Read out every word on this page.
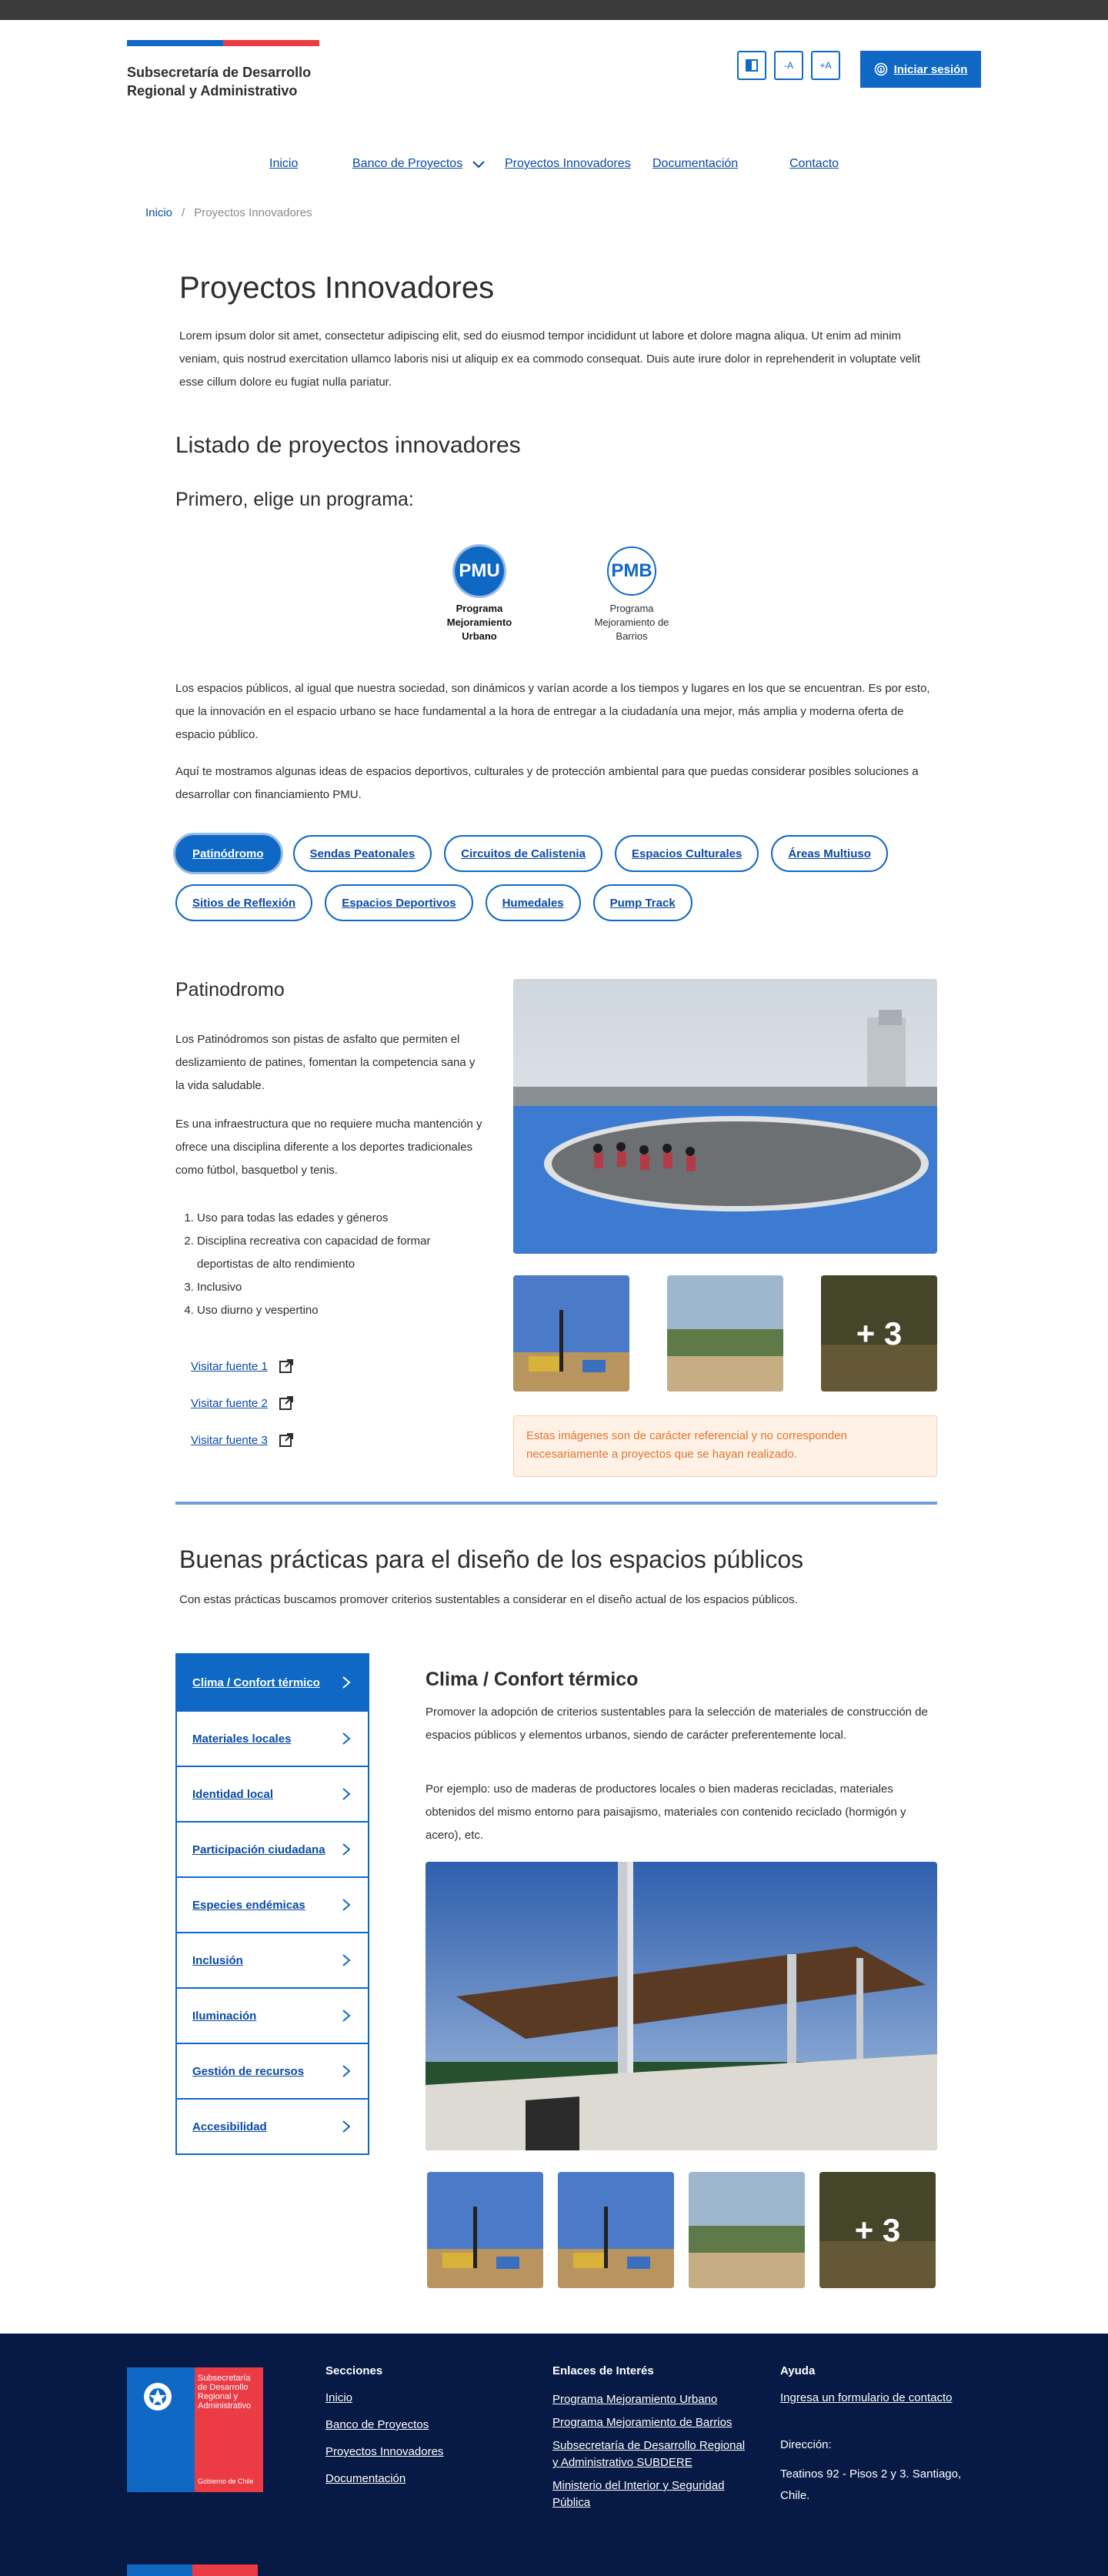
Subsecretaría de Desarrollo Regional y Administrativo
-A	+A	Iniciar sesión
Inicio	Banco de Proyectos	Proyectos Innovadores Documentación	Contacto
Inicio / Proyectos Innovadores
Proyectos Innovadores

Lorem ipsum dolor sit amet, consectetur adipiscing elit, sed do eiusmod tempor incididunt ut labore et dolore magna aliqua. Ut enim ad minim veniam, quis nostrud exercitation ullamco laboris nisi ut aliquip ex ea commodo consequat. Duis aute irure dolor in reprehenderit in voluptate velit esse cillum dolore eu fugiat nulla pariatur.

Listado de proyectos innovadores
Primero, elige un programa:
PMU
Programa Mejoramiento Urbano
PMB
Programa Mejoramiento de Barrios

Los espacios públicos, al igual que nuestra sociedad, son dinámicos y varían acorde a los tiempos y lugares en los que se encuentran. Es por esto, que la innovación en el espacio urbano se hace fundamental a la hora de entregar a la ciudadanía una mejor, más amplia y moderna oferta de espacio público.

Aquí te mostramos algunas ideas de espacios deportivos, culturales y de protección ambiental para que puedas considerar posibles soluciones a desarrollar con financiamiento PMU.

Patinódromo	Sendas Peatonales	Circuitos de Calistenia	Espacios Culturales	Áreas Multiuso
Sitios de Reflexión	Espacios Deportivos	Humedales	Pump Track
Patinodromo

Los Patinódromos son pistas de asfalto que permiten el deslizamiento de patines, fomentan la competencia sana y la vida saludable.

Es una infraestructura que no requiere mucha mantención y ofrece una disciplina diferente a los deportes tradicionales como fútbol, basquetbol y tenis.

1. Uso para todas las edades y géneros
2. Disciplina recreativa con capacidad de formar deportistas de alto rendimiento
3. Inclusivo
4. Uso diurno y vespertino
Visitar fuente 1
Visitar fuente 2
Visitar fuente 3
+ 3
Estas imágenes son de carácter referencial y no corresponden necesariamente a proyectos que se hayan realizado.
Buenas prácticas para el diseño de los espacios públicos

Con estas prácticas buscamos promover criterios sustentables a considerar en el diseño actual de los espacios públicos.

Clima / Confort térmico
Materiales locales
Identidad local
Participación ciudadana
Especies endémicas
Inclusión
Iluminación
Gestión de recursos
Accesibilidad
Clima / Confort térmico

Promover la adopción de criterios sustentables para la selección de materiales de construcción de espacios públicos y elementos urbanos, siendo de carácter preferentemente local.

Por ejemplo: uso de maderas de productores locales o bien maderas recicladas, materiales obtenidos del mismo entorno para paisajismo, materiales con contenido reciclado (hormigón y acero), etc.

+ 3
Subsecretaría de Desarrollo Regional y Administrativo
Gobierno de Chile
Secciones
Inicio
Banco de Proyectos
Proyectos Innovadores
Documentación
Enlaces de Interés
Programa Mejoramiento Urbano
Programa Mejoramiento de Barrios
Subsecretaría de Desarrollo Regional y Administrativo SUBDERE
Ministerio del Interior y Seguridad Pública
Ayuda
Ingresa un formulario de contacto
Dirección:
Teatinos 92 - Pisos 2 y 3. Santiago, Chile.
